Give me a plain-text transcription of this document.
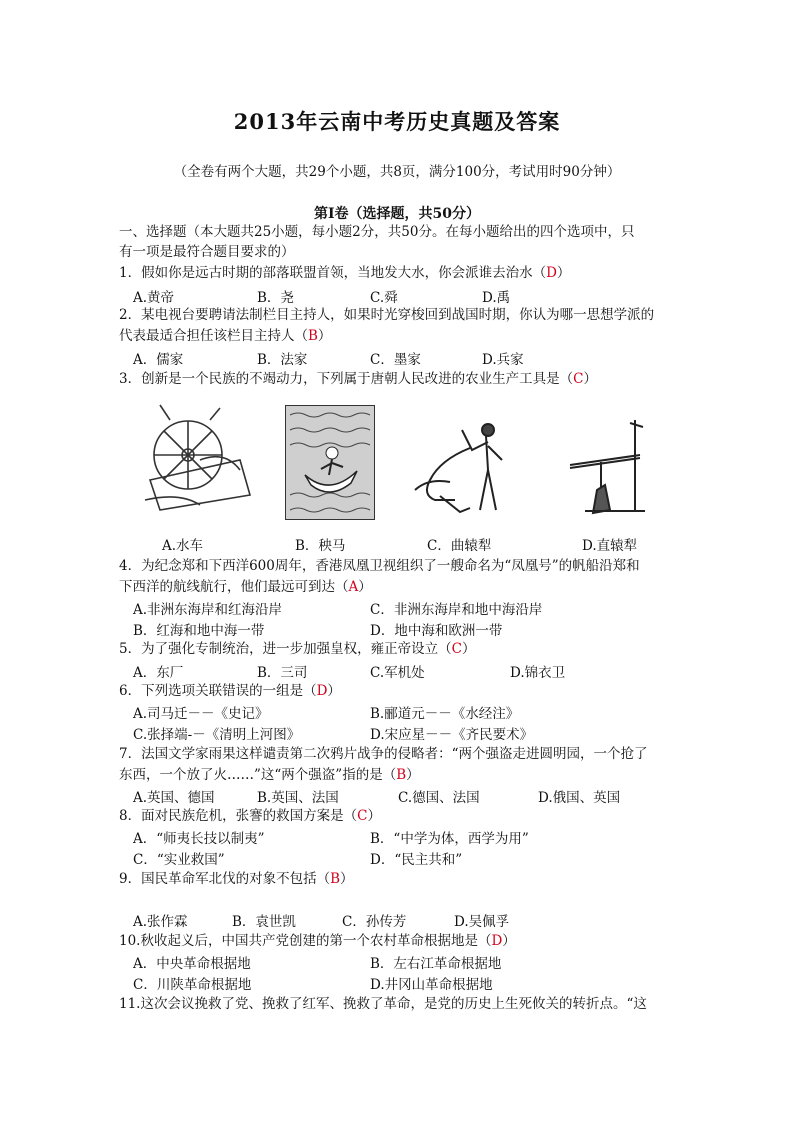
2013年云南中考历史真题及答案
（全卷有两个大题，共29个小题，共8页，满分100分，考试用时90分钟）
第Ⅰ卷（选择题，共50分）
一、选择题（本大题共25小题，每小题2分，共50分。在每小题给出的四个选项中，只
有一项是最符合题目要求的）
1．假如你是远古时期的部落联盟首领，当地发大水，你会派谁去治水（D）
A.黄帝	B．尧	C.舜	D.禹
2．某电视台要聘请法制栏目主持人，如果时光穿梭回到战国时期，你认为哪一思想学派的
代表最适合担任该栏目主持人（B）
A．儒家	B．法家	C．墨家	D.兵家
3．创新是一个民族的不竭动力，下列属于唐朝人民改进的农业生产工具是（C）
A.水车	B．秧马	C．曲辕犁	D.直辕犁
4．为纪念郑和下西洋600周年，香港凤凰卫视组织了一艘命名为“凤凰号”的帆船沿郑和
下西洋的航线航行，他们最远可到达（A）
A.非洲东海岸和红海沿岸	C．非洲东海岸和地中海沿岸
B．红海和地中海一带	D．地中海和欧洲一带
5．为了强化专制统治，进一步加强皇权，雍正帝设立（C）
A．东厂	B．三司	C.军机处	D.锦衣卫
6．下列选项关联错误的一组是（D）
A.司马迁－－《史记》	B.郦道元－－《水经注》
C.张择端-－《清明上河图》	D.宋应星－－《齐民要术》
7．法国文学家雨果这样谴责第二次鸦片战争的侵略者：“两个强盗走进圆明园，一个抢了
东西，一个放了火……”这“两个强盗”指的是（B）
A.英国、德国	B.英国、法国	C.德国、法国	D.俄国、英国
8．面对民族危机，张謇的救国方案是（C）
A．“师夷长技以制夷”	B．“中学为体，西学为用”
C．“实业救国”	D．“民主共和”
9．国民革命军北伐的对象不包括（B）
A.张作霖	B．袁世凯	C．孙传芳	D.吴佩孚
10.秋收起义后，中国共产党创建的第一个农村革命根据地是（D）
A．中央革命根据地	B．左右江革命根据地
C．川陕革命根据地	D.井冈山革命根据地
11.这次会议挽救了党、挽救了红军、挽救了革命，是党的历史上生死攸关的转折点。“这
